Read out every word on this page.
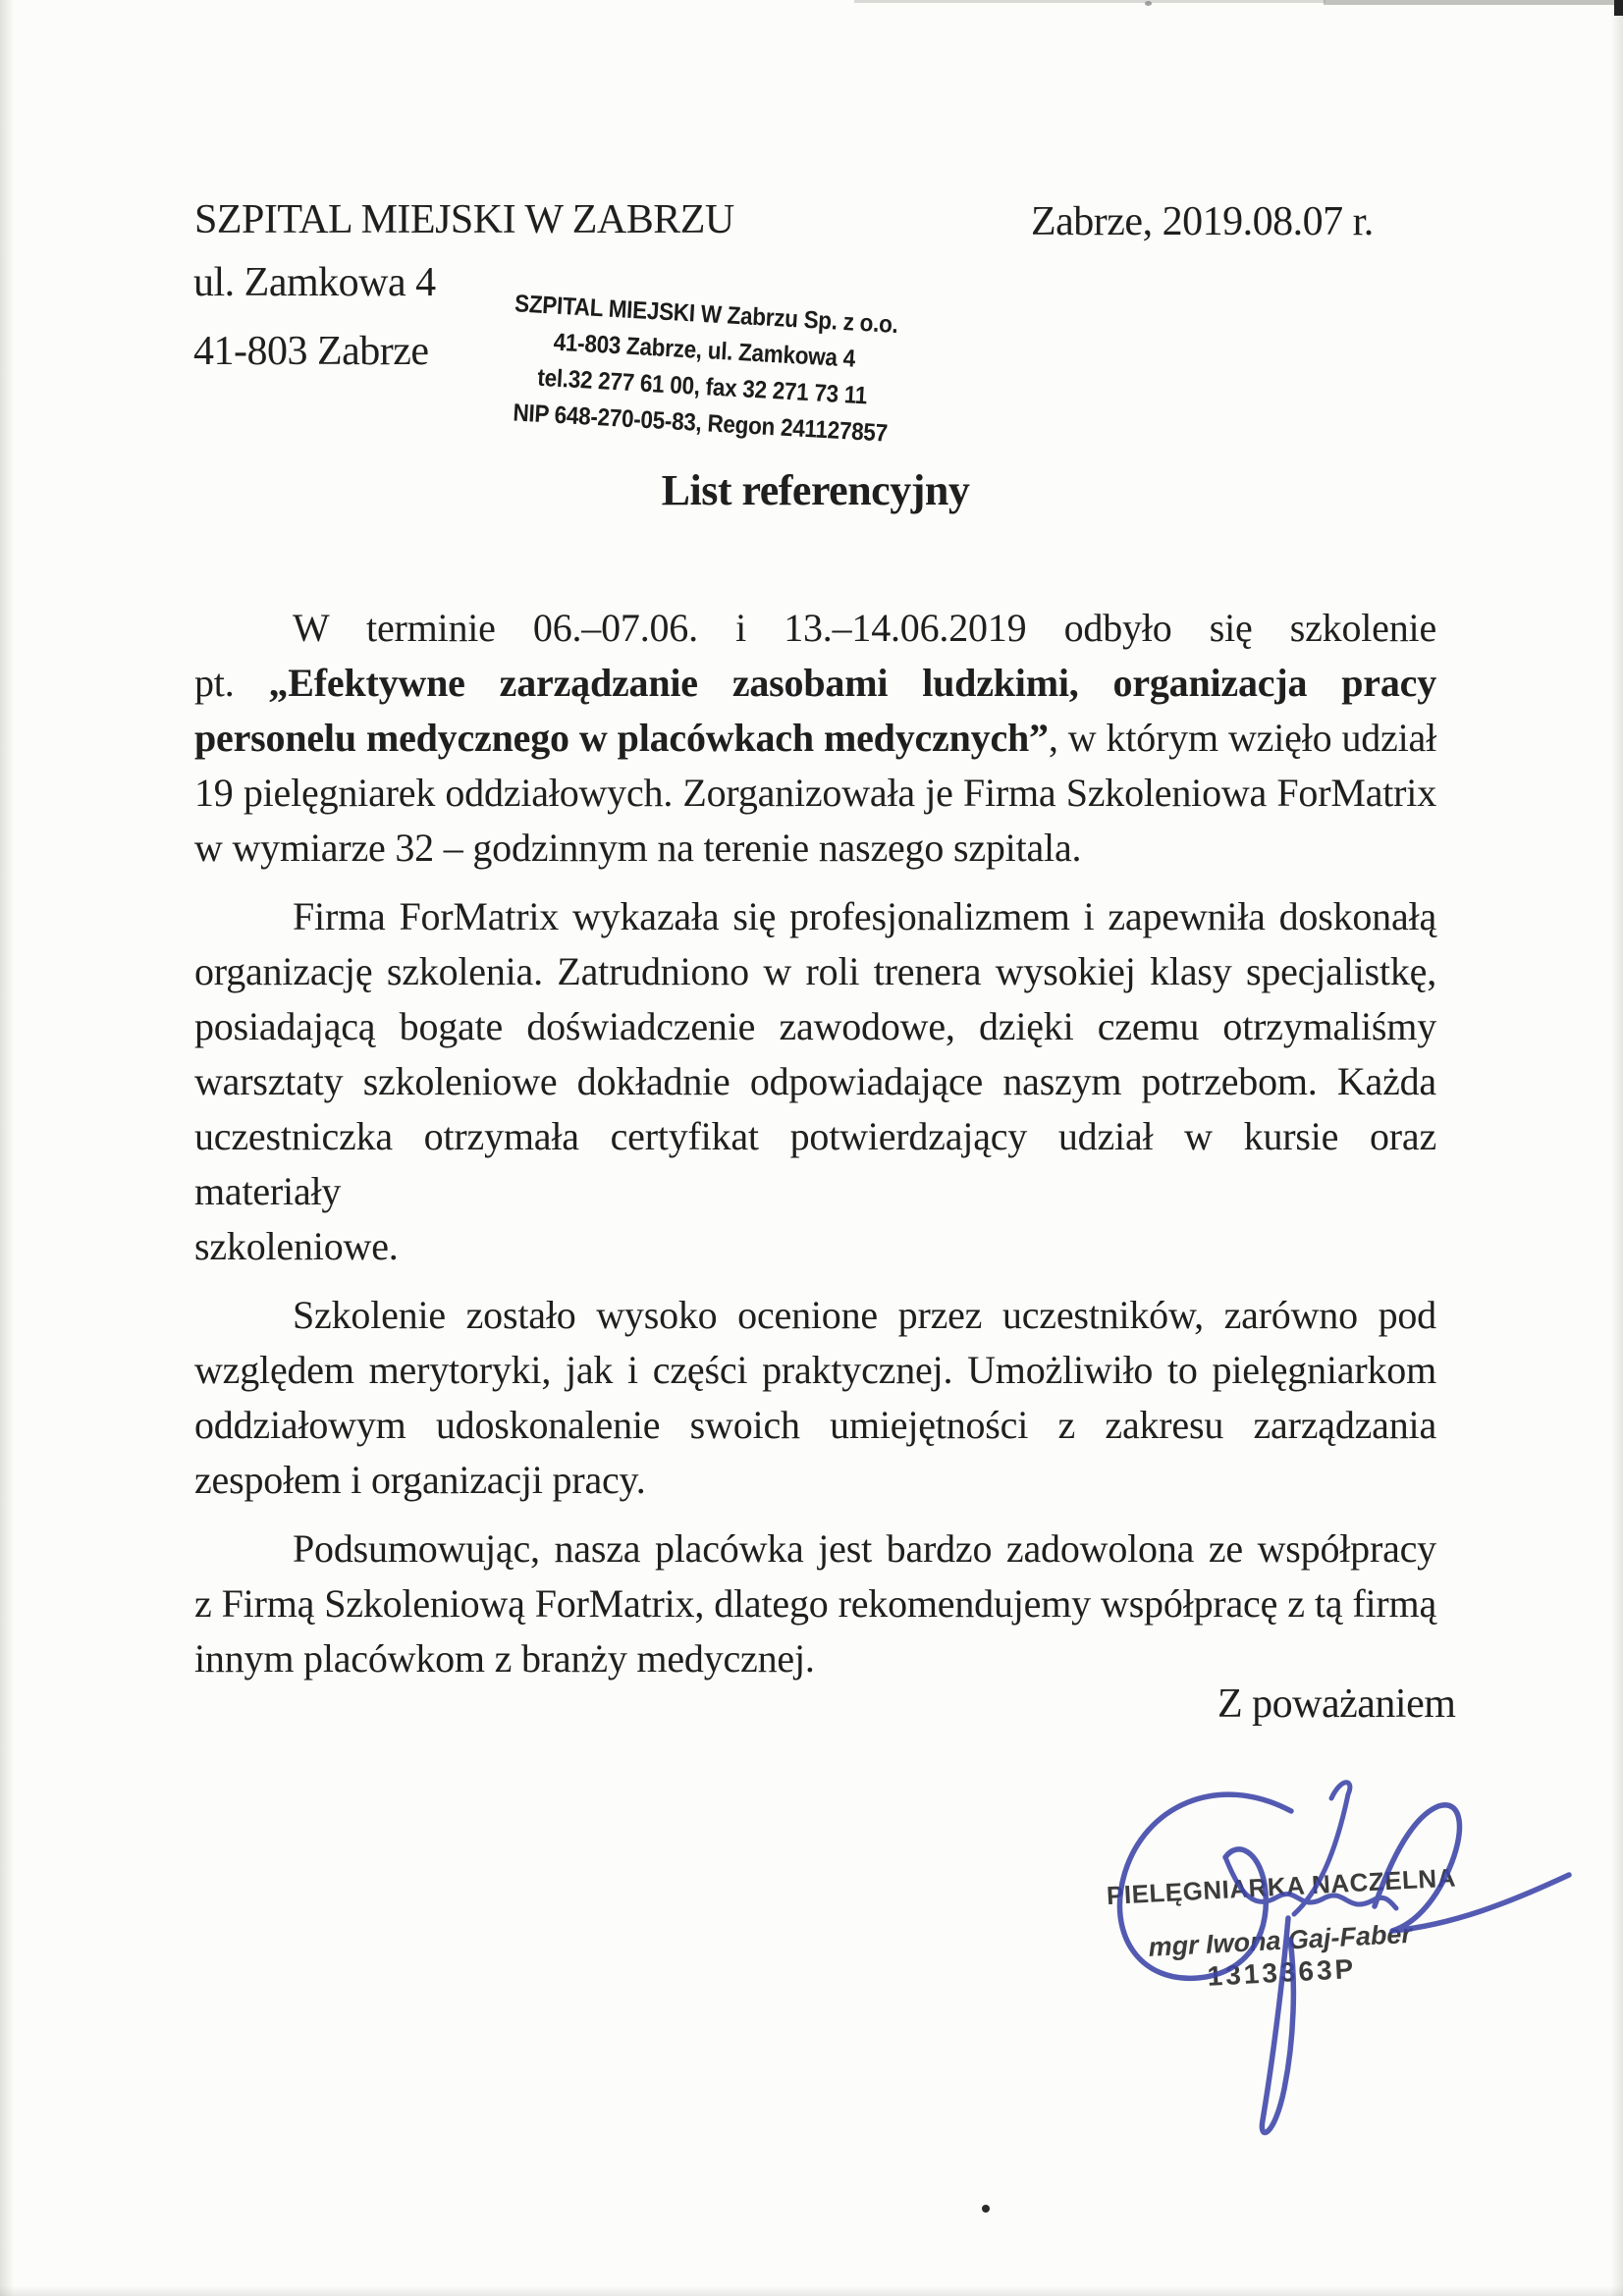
SZPITAL MIEJSKI W ZABRZU
ul. Zamkowa 4
41-803 Zabrze
Zabrze, 2019.08.07 r.
SZPITAL MIEJSKI W Zabrzu Sp. z o.o.
41-803 Zabrze, ul. Zamkowa 4
tel.32 277 61 00, fax 32 271 73 11
NIP 648-270-05-83, Regon 241127857
List referencyjny
W terminie 06.–07.06. i 13.–14.06.2019 odbyło się szkolenie
pt. „Efektywne zarządzanie zasobami ludzkimi, organizacja pracy
personelu medycznego w placówkach medycznych”, w którym wzięło udział
19 pielęgniarek oddziałowych. Zorganizowała je Firma Szkoleniowa ForMatrix
w wymiarze 32 – godzinnym na terenie naszego szpitala.
Firma ForMatrix wykazała się profesjonalizmem i zapewniła doskonałą
organizację szkolenia. Zatrudniono w roli trenera wysokiej klasy specjalistkę,
posiadającą bogate doświadczenie zawodowe, dzięki czemu otrzymaliśmy
warsztaty szkoleniowe dokładnie odpowiadające naszym potrzebom. Każda
uczestniczka otrzymała certyfikat potwierdzający udział w kursie oraz materiały
szkoleniowe.
Szkolenie zostało wysoko ocenione przez uczestników, zarówno pod
względem merytoryki, jak i części praktycznej. Umożliwiło to pielęgniarkom
oddziałowym udoskonalenie swoich umiejętności z zakresu zarządzania
zespołem i organizacji pracy.
Podsumowując, nasza placówka jest bardzo zadowolona ze współpracy
z Firmą Szkoleniową ForMatrix, dlatego rekomendujemy współpracę z tą firmą
innym placówkom z branży medycznej.
Z poważaniem
PIELĘGNIARKA NACZELNA
mgr Iwona Gaj-Faber
1313363P
